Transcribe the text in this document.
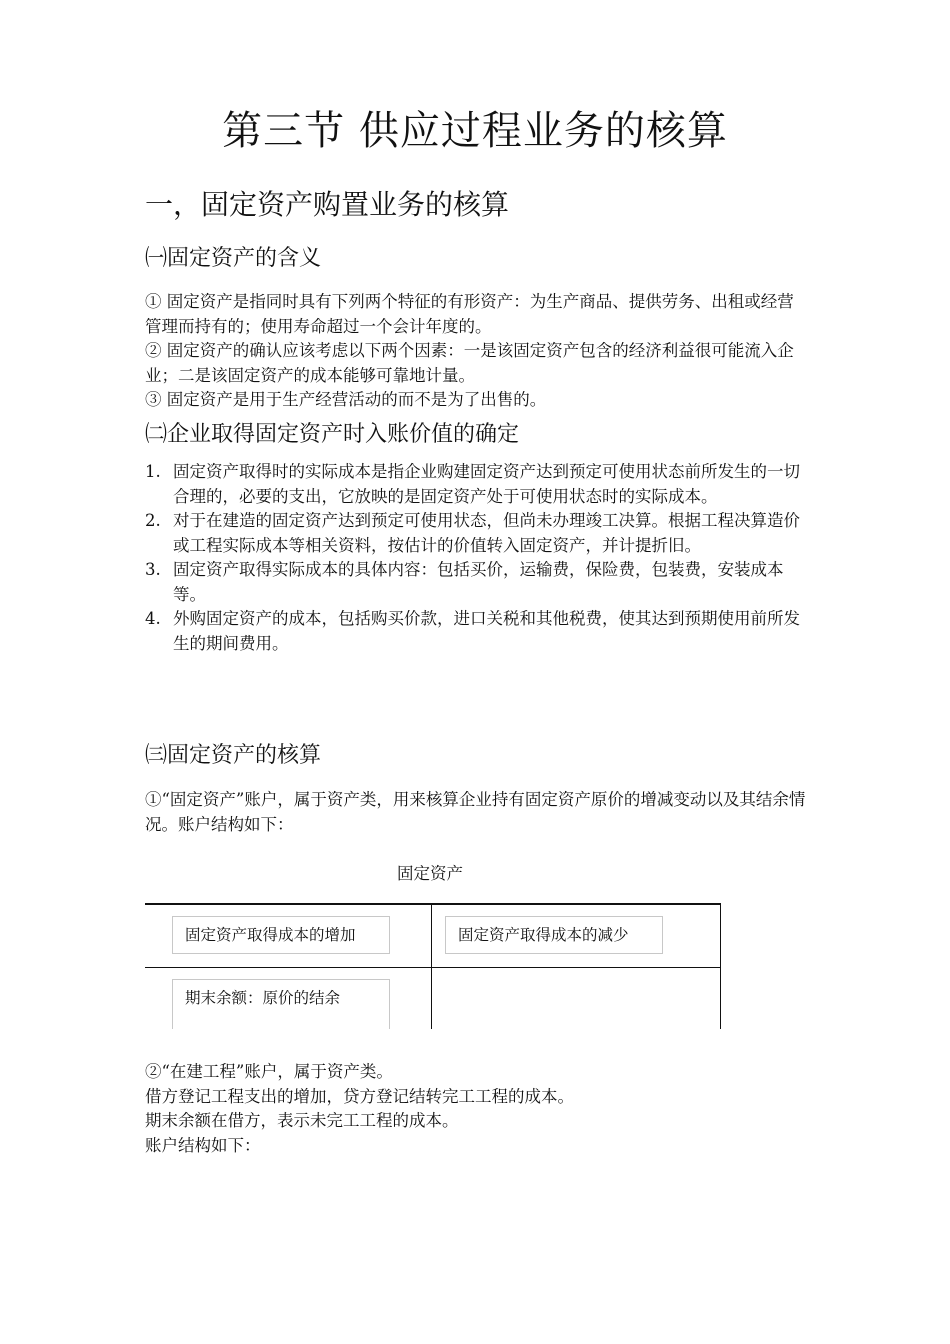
第三节 供应过程业务的核算
一，固定资产购置业务的核算
㈠固定资产的含义

① 固定资产是指同时具有下列两个特征的有形资产：为生产商品、提供劳务、出租或经营管理而持有的；使用寿命超过一个会计年度的。

② 固定资产的确认应该考虑以下两个因素：一是该固定资产包含的经济利益很可能流入企业；二是该固定资产的成本能够可靠地计量。

③ 固定资产是用于生产经营活动的而不是为了出售的。

㈡企业取得固定资产时入账价值的确定
1. 固定资产取得时的实际成本是指企业购建固定资产达到预定可使用状态前所发生的一切合理的，必要的支出，它放映的是固定资产处于可使用状态时的实际成本。
2. 对于在建造的固定资产达到预定可使用状态，但尚未办理竣工决算。根据工程决算造价或工程实际成本等相关资料，按估计的价值转入固定资产，并计提折旧。
3. 固定资产取得实际成本的具体内容：包括买价，运输费，保险费，包装费，安装成本等。
4. 外购固定资产的成本，包括购买价款，进口关税和其他税费，使其达到预期使用前所发生的期间费用。
㈢固定资产的核算
①“固定资产”账户，属于资产类，用来核算企业持有固定资产原价的增减变动以及其结余情况。账户结构如下：
固定资产
固定资产取得成本的增加	固定资产取得成本的减少
期末余额：原价的结余

②“在建工程”账户，属于资产类。

借方登记工程支出的增加，贷方登记结转完工工程的成本。

期末余额在借方，表示未完工工程的成本。

账户结构如下：
